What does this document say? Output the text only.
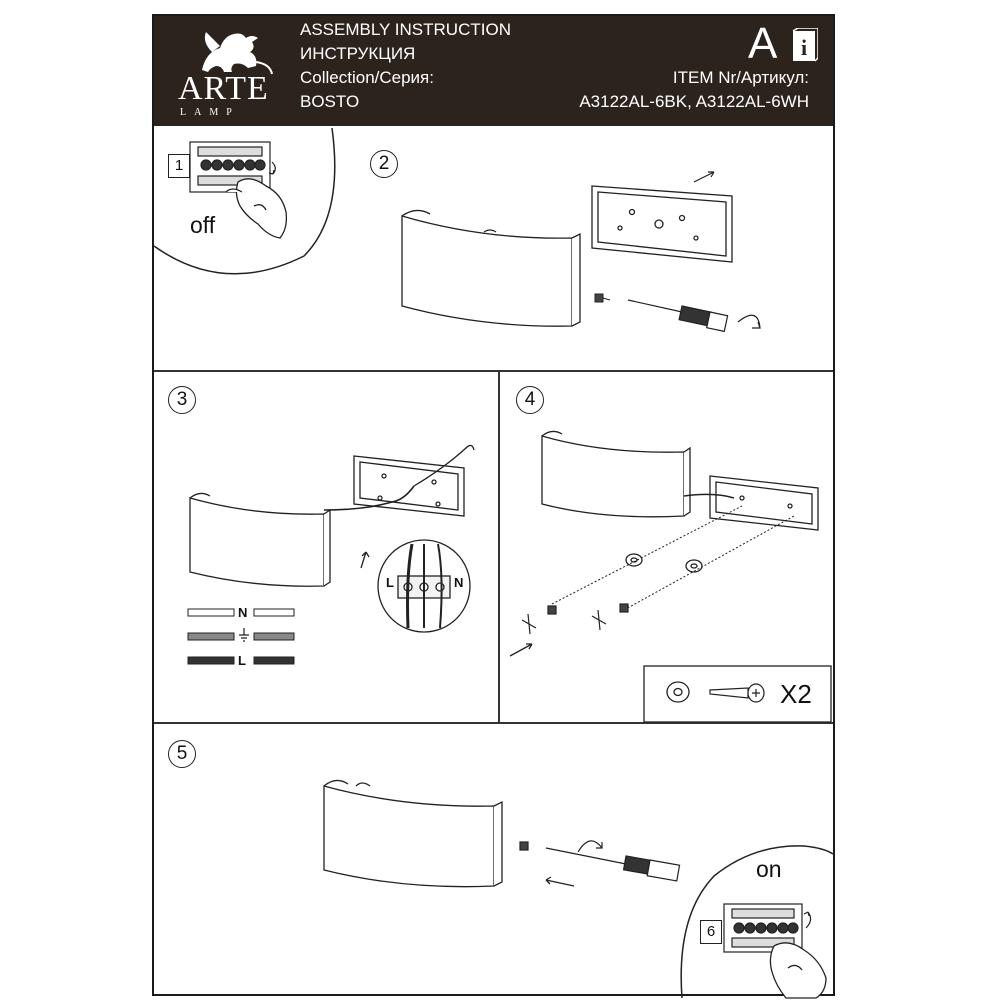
ARTE
LAMP
ASSEMBLY INSTRUCTION
ИНСТРУКЦИЯ
Collection/Серия:
BOSTO
A i
ITEM Nr/Артикул:
A3122AL-6BK, A3122AL-6WH
1	2
3	4
5
6
off
on
X2
N
L
L	N
